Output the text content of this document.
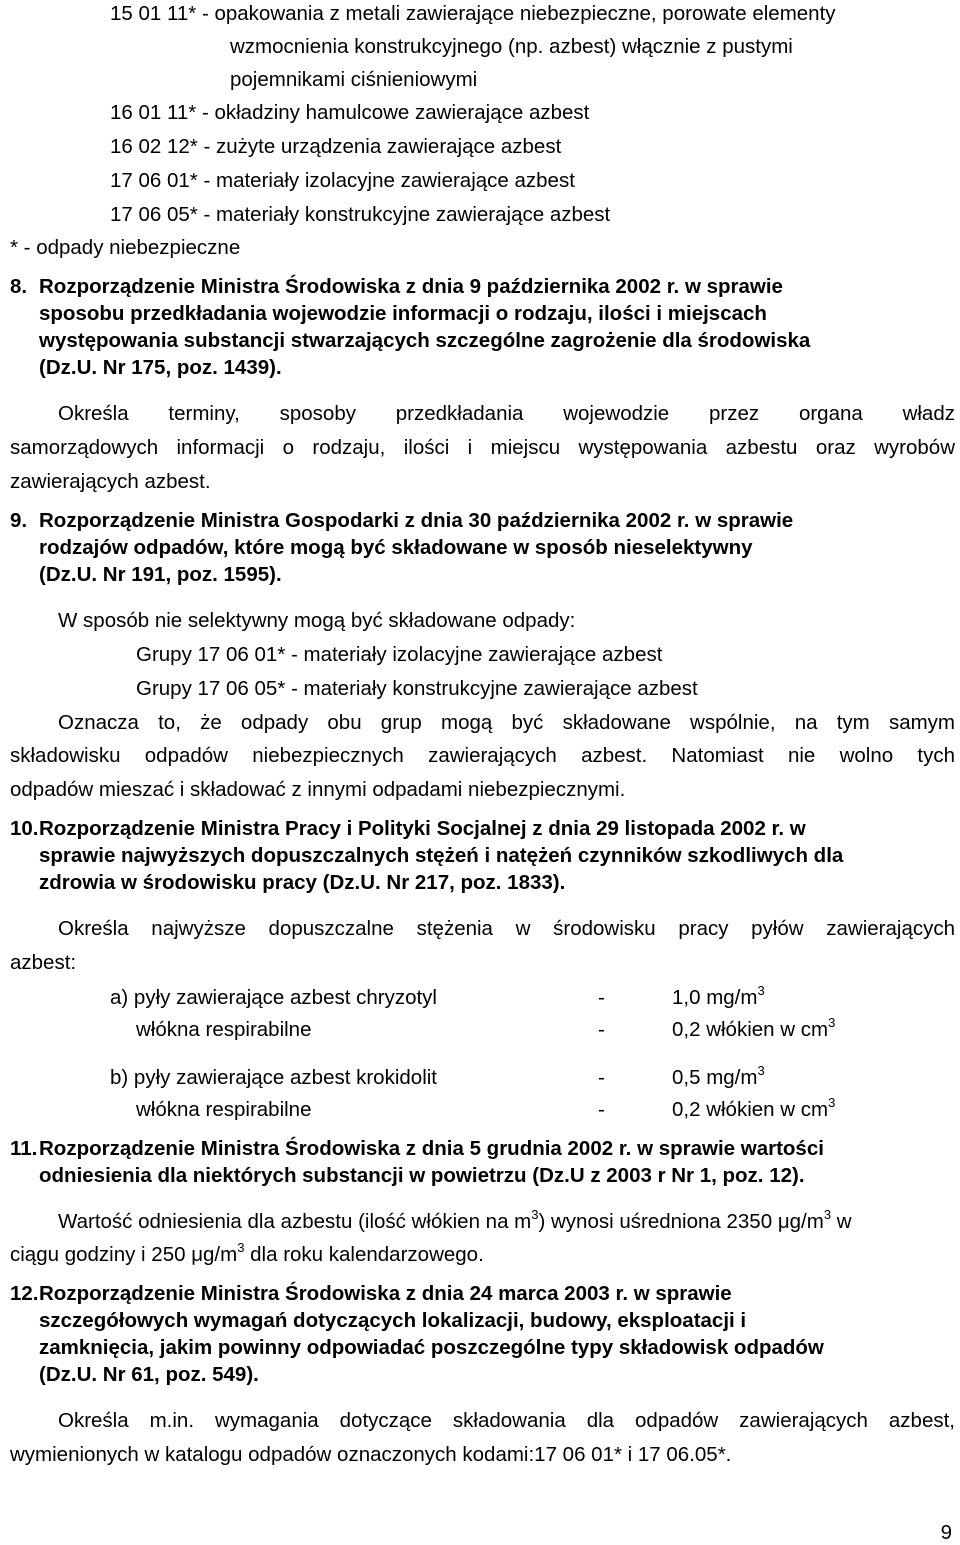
15 01 11* - opakowania z metali zawierające niebezpieczne, porowate elementy
wzmocnienia konstrukcyjnego (np. azbest) włącznie z pustymi
pojemnikami ciśnieniowymi
16 01 11* - okładziny hamulcowe zawierające azbest
16 02 12* - zużyte urządzenia zawierające azbest
17 06 01* - materiały izolacyjne zawierające azbest
17 06 05* - materiały konstrukcyjne zawierające azbest
* - odpady niebezpieczne
8. Rozporządzenie Ministra Środowiska z dnia 9 października 2002 r. w sprawie
sposobu przedkładania wojewodzie informacji o rodzaju, ilości i miejscach
występowania substancji stwarzających szczególne zagrożenie dla środowiska
(Dz.U. Nr 175, poz. 1439).
Określa terminy, sposoby przedkładania wojewodzie przez organa władz
samorządowych informacji o rodzaju, ilości i miejscu występowania azbestu oraz wyrobów
zawierających azbest.
9. Rozporządzenie Ministra Gospodarki z dnia 30 października 2002 r. w sprawie
rodzajów odpadów, które mogą być składowane w sposób nieselektywny
(Dz.U. Nr 191, poz. 1595).
W sposób nie selektywny mogą być składowane odpady:
Grupy 17 06 01* - materiały izolacyjne zawierające azbest
Grupy 17 06 05* - materiały konstrukcyjne zawierające azbest
Oznacza to, że odpady obu grup mogą być składowane wspólnie, na tym samym
składowisku odpadów niebezpiecznych zawierających azbest. Natomiast nie wolno tych
odpadów mieszać i składować z innymi odpadami niebezpiecznymi.
10.Rozporządzenie Ministra Pracy i Polityki Socjalnej z dnia 29 listopada 2002 r. w
sprawie najwyższych dopuszczalnych stężeń i natężeń czynników szkodliwych dla
zdrowia w środowisku pracy (Dz.U. Nr 217, poz. 1833).
Określa najwyższe dopuszczalne stężenia w środowisku pracy pyłów zawierających
azbest:
a) pyły zawierające azbest chryzotyl	-	1,0 $mg/m^3$
włókna respirabilne	-	0,2 włókien w $cm^3$
b) pyły zawierające azbest krokidolit	-	0,5 $mg/m^3$
włókna respirabilne	-	0,2 włókien w $cm^3$
11.Rozporządzenie Ministra Środowiska z dnia 5 grudnia 2002 r. w sprawie wartości
odniesienia dla niektórych substancji w powietrzu (Dz.U z 2003 r Nr 1, poz. 12).
Wartość odniesienia dla azbestu (ilość włókien na $m^3$) wynosi uśredniona 2350 $\mu g/m^3$ w
ciągu godziny i 250 $\mu g/m^3$ dla roku kalendarzowego.
12.Rozporządzenie Ministra Środowiska z dnia 24 marca 2003 r. w sprawie
szczegółowych wymagań dotyczących lokalizacji, budowy, eksploatacji i
zamknięcia, jakim powinny odpowiadać poszczególne typy składowisk odpadów
(Dz.U. Nr 61, poz. 549).
Określa m.in. wymagania dotyczące składowania dla odpadów zawierających azbest,
wymienionych w katalogu odpadów oznaczonych kodami:17 06 01* i 17 06.05*.
9
